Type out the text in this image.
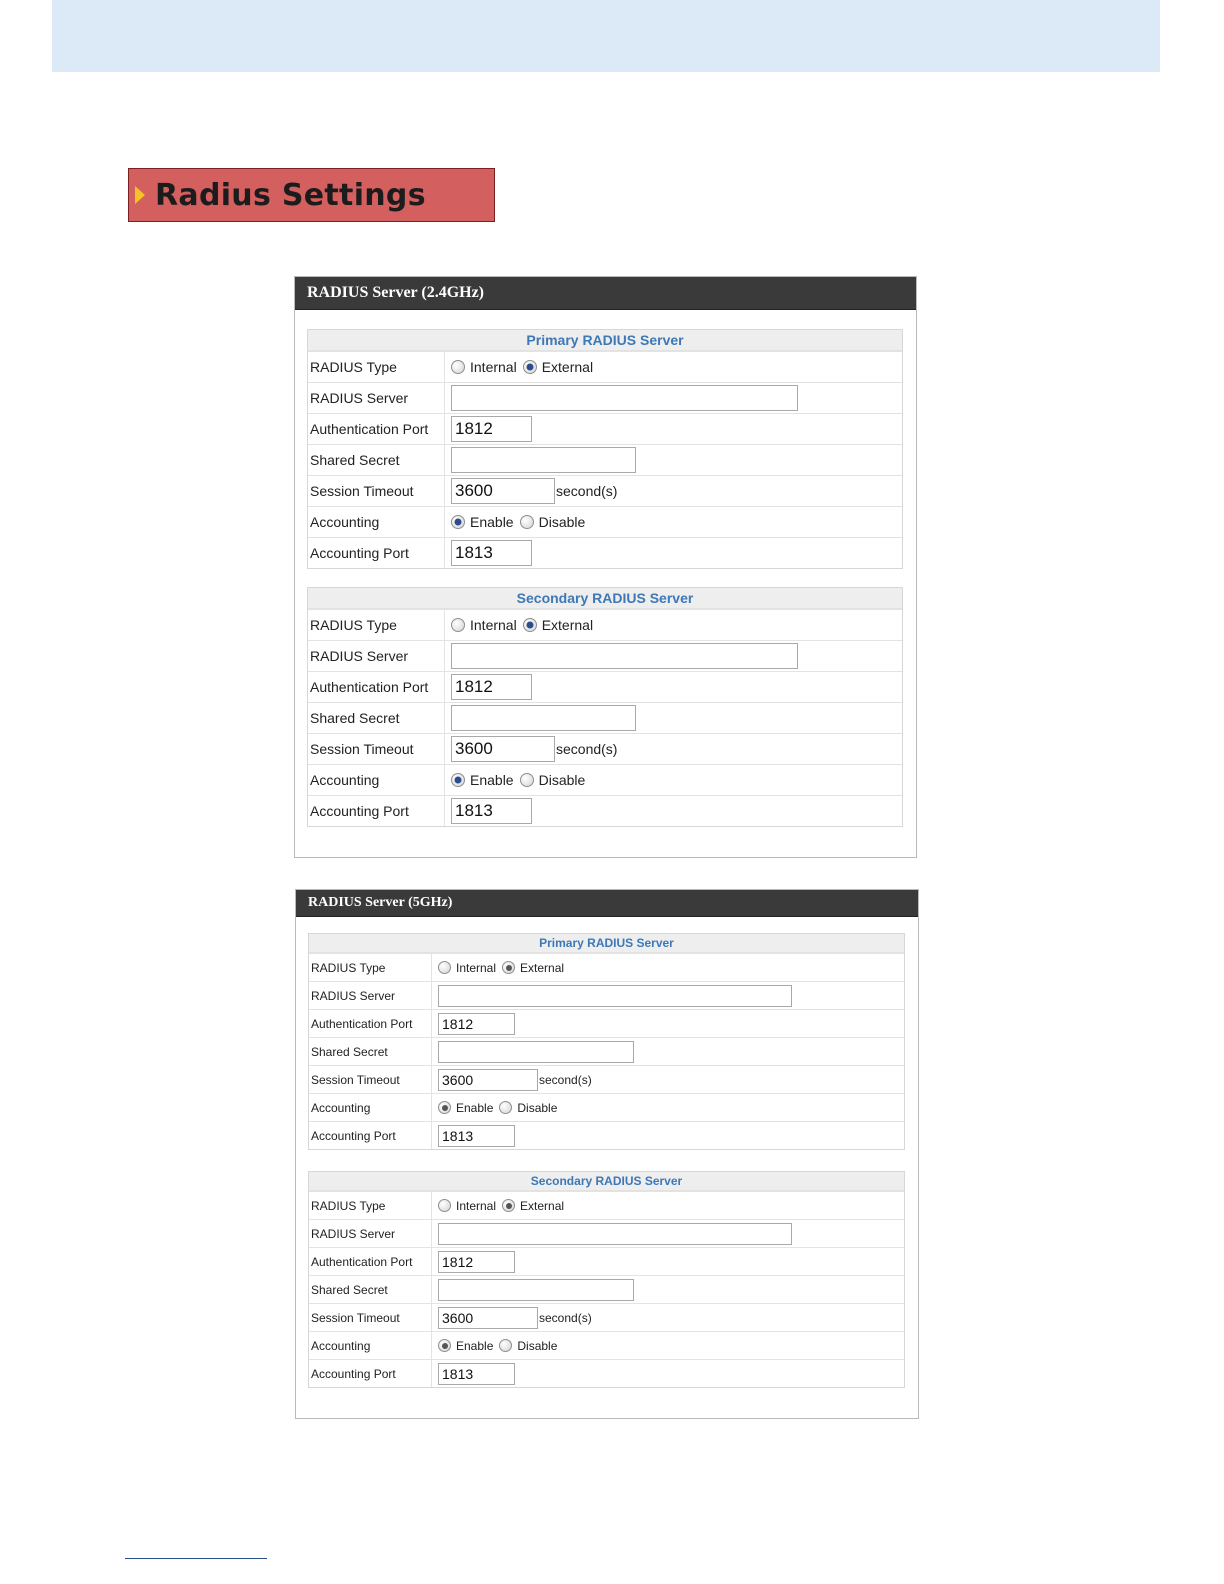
Radius Settings
RADIUS Server (2.4GHz)
Primary RADIUS Server
RADIUS Type	Internal External
RADIUS Server
Authentication Port	1812
Shared Secret
Session Timeout	3600	second(s)
Accounting	Enable Disable
Accounting Port	1813
Secondary RADIUS Server
RADIUS Type	Internal External
RADIUS Server
Authentication Port	1812
Shared Secret
Session Timeout	3600	second(s)
Accounting	Enable Disable
Accounting Port	1813
RADIUS Server (5GHz)
Primary RADIUS Server
RADIUS Type	Internal External
RADIUS Server
Authentication Port	1812
Shared Secret
Session Timeout	3600	second(s)
Accounting	Enable Disable
Accounting Port	1813
Secondary RADIUS Server
RADIUS Type	Internal External
RADIUS Server
Authentication Port	1812
Shared Secret
Session Timeout	3600	second(s)
Accounting	Enable Disable
Accounting Port	1813
